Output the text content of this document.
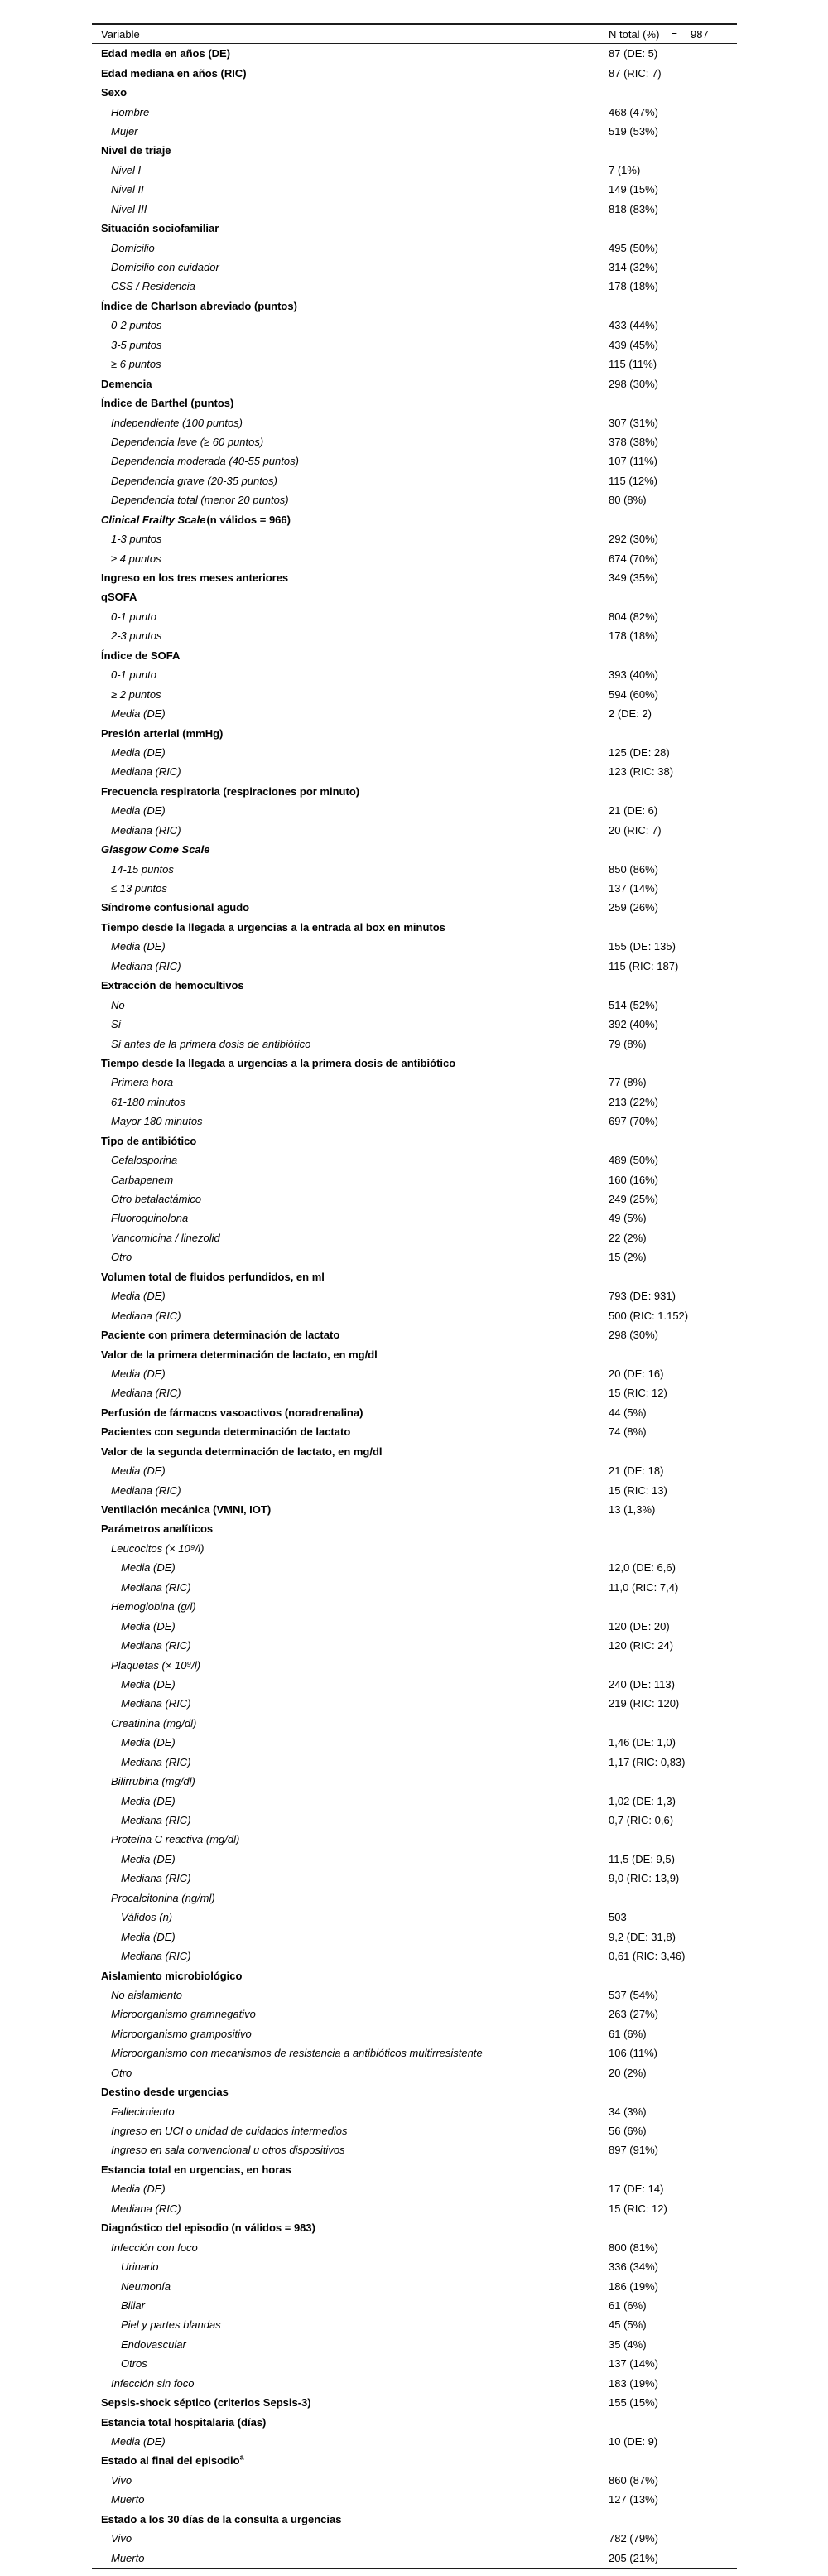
Variable	N total (%) = 987
Edad media en años (DE)	87 (DE: 5)
Edad mediana en años (RIC)	87 (RIC: 7)
Sexo
Hombre	468 (47%)
Mujer	519 (53%)
Nivel de triaje
Nivel I	7 (1%)
Nivel II	149 (15%)
Nivel III	818 (83%)
Situación sociofamiliar
Domicilio	495 (50%)
Domicilio con cuidador	314 (32%)
CSS / Residencia	178 (18%)
Índice de Charlson abreviado (puntos)
0-2 puntos	433 (44%)
3-5 puntos	439 (45%)
≥ 6 puntos	115 (11%)
Demencia	298 (30%)
Índice de Barthel (puntos)
Independiente (100 puntos)	307 (31%)
Dependencia leve (≥ 60 puntos)	378 (38%)
Dependencia moderada (40-55 puntos)	107 (11%)
Dependencia grave (20-35 puntos)	115 (12%)
Dependencia total (menor 20 puntos)	80 (8%)
Clinical Frailty Scale(n válidos = 966)
1-3 puntos	292 (30%)
≥ 4 puntos	674 (70%)
Ingreso en los tres meses anteriores	349 (35%)
qSOFA
0-1 punto	804 (82%)
2-3 puntos	178 (18%)
Índice de SOFA
0-1 punto	393 (40%)
≥ 2 puntos	594 (60%)
Media (DE)	2 (DE: 2)
Presión arterial (mmHg)
Media (DE)	125 (DE: 28)
Mediana (RIC)	123 (RIC: 38)
Frecuencia respiratoria (respiraciones por minuto)
Media (DE)	21 (DE: 6)
Mediana (RIC)	20 (RIC: 7)
Glasgow Come Scale
14-15 puntos	850 (86%)
≤ 13 puntos	137 (14%)
Síndrome confusional agudo	259 (26%)
Tiempo desde la llegada a urgencias a la entrada al box en minutos
Media (DE)	155 (DE: 135)
Mediana (RIC)	115 (RIC: 187)
Extracción de hemocultivos
No	514 (52%)
Sí	392 (40%)
Sí antes de la primera dosis de antibiótico	79 (8%)
Tiempo desde la llegada a urgencias a la primera dosis de antibiótico
Primera hora	77 (8%)
61-180 minutos	213 (22%)
Mayor 180 minutos	697 (70%)
Tipo de antibiótico
Cefalosporina	489 (50%)
Carbapenem	160 (16%)
Otro betalactámico	249 (25%)
Fluoroquinolona	49 (5%)
Vancomicina / linezolid	22 (2%)
Otro	15 (2%)
Volumen total de fluidos perfundidos, en ml
Media (DE)	793 (DE: 931)
Mediana (RIC)	500 (RIC: 1.152)
Paciente con primera determinación de lactato	298 (30%)
Valor de la primera determinación de lactato, en mg/dl
Media (DE)	20 (DE: 16)
Mediana (RIC)	15 (RIC: 12)
Perfusión de fármacos vasoactivos (noradrenalina)	44 (5%)
Pacientes con segunda determinación de lactato	74 (8%)
Valor de la segunda determinación de lactato, en mg/dl
Media (DE)	21 (DE: 18)
Mediana (RIC)	15 (RIC: 13)
Ventilación mecánica (VMNI, IOT)	13 (1,3%)
Parámetros analíticos
Leucocitos (× 10⁹/l)
Media (DE)	12,0 (DE: 6,6)
Mediana (RIC)	11,0 (RIC: 7,4)
Hemoglobina (g/l)
Media (DE)	120 (DE: 20)
Mediana (RIC)	120 (RIC: 24)
Plaquetas (× 10⁹/l)
Media (DE)	240 (DE: 113)
Mediana (RIC)	219 (RIC: 120)
Creatinina (mg/dl)
Media (DE)	1,46 (DE: 1,0)
Mediana (RIC)	1,17 (RIC: 0,83)
Bilirrubina (mg/dl)
Media (DE)	1,02 (DE: 1,3)
Mediana (RIC)	0,7 (RIC: 0,6)
Proteína C reactiva (mg/dl)
Media (DE)	11,5 (DE: 9,5)
Mediana (RIC)	9,0 (RIC: 13,9)
Procalcitonina (ng/ml)
Válidos (n)	503
Media (DE)	9,2 (DE: 31,8)
Mediana (RIC)	0,61 (RIC: 3,46)
Aislamiento microbiológico
No aislamiento	537 (54%)
Microorganismo gramnegativo	263 (27%)
Microorganismo grampositivo	61 (6%)
Microorganismo con mecanismos de resistencia a antibióticos multirresistente	106 (11%)
Otro	20 (2%)
Destino desde urgencias
Fallecimiento	34 (3%)
Ingreso en UCI o unidad de cuidados intermedios	56 (6%)
Ingreso en sala convencional u otros dispositivos	897 (91%)
Estancia total en urgencias, en horas
Media (DE)	17 (DE: 14)
Mediana (RIC)	15 (RIC: 12)
Diagnóstico del episodio (n válidos = 983)
Infección con foco	800 (81%)
Urinario	336 (34%)
Neumonía	186 (19%)
Biliar	61 (6%)
Piel y partes blandas	45 (5%)
Endovascular	35 (4%)
Otros	137 (14%)
Infección sin foco	183 (19%)
Sepsis-shock séptico (criterios Sepsis-3)	155 (15%)
Estancia total hospitalaria (días)
Media (DE)	10 (DE: 9)
Estado al final del episodio$^a$
Vivo	860 (87%)
Muerto	127 (13%)
Estado a los 30 días de la consulta a urgencias
Vivo	782 (79%)
Muerto	205 (21%)
